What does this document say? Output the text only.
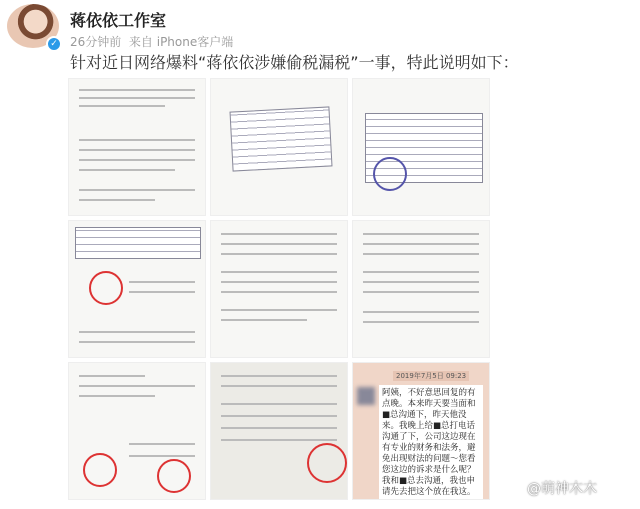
✓
蒋依依工作室
26分钟前 来自 iPhone客户端
针对近日网络爆料“蒋依依涉嫌偷税漏税”一事，特此说明如下：
2019年7月5日 09:23
阿姨，不好意思回复的有点晚。本来昨天要当面和■总沟通下，昨天他没来。我晚上给■总打电话沟通了下，公司这边现在有专业的财务和法务，避免出现财法的问题～您看您这边的诉求是什么呢？我和■总去沟通，我也申请先去把这个放在我这。	@萌神木木
